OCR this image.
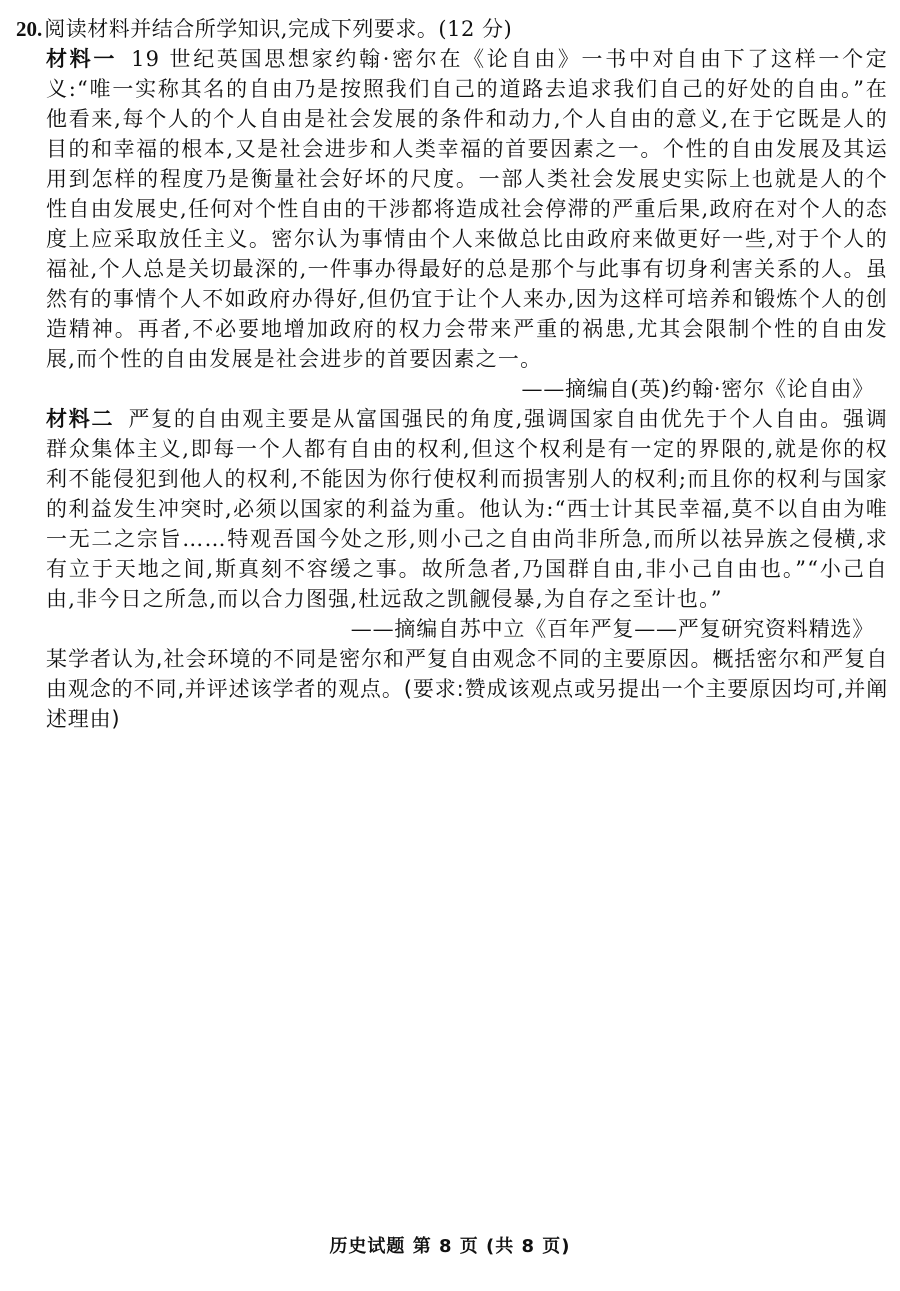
20. 阅读材料并结合所学知识,完成下列要求。(12 分)
材料一 19 世纪英国思想家约翰·密尔在《论自由》一书中对自由下了这样一个定义:“唯一实称其名的自由乃是按照我们自己的道路去追求我们自己的好处的自由。”在他看来,每个人的个人自由是社会发展的条件和动力,个人自由的意义,在于它既是人的目的和幸福的根本,又是社会进步和人类幸福的首要因素之一。个性的自由发展及其运用到怎样的程度乃是衡量社会好坏的尺度。一部人类社会发展史实际上也就是人的个性自由发展史,任何对个性自由的干涉都将造成社会停滞的严重后果,政府在对个人的态度上应采取放任主义。密尔认为事情由个人来做总比由政府来做更好一些,对于个人的福祉,个人总是关切最深的,一件事办得最好的总是那个与此事有切身利害关系的人。虽然有的事情个人不如政府办得好,但仍宜于让个人来办,因为这样可培养和锻炼个人的创造精神。再者,不必要地增加政府的权力会带来严重的祸患,尤其会限制个性的自由发展,而个性的自由发展是社会进步的首要因素之一。
——摘编自(英)约翰·密尔《论自由》
材料二 严复的自由观主要是从富国强民的角度,强调国家自由优先于个人自由。强调群众集体主义,即每一个人都有自由的权利,但这个权利是有一定的界限的,就是你的权利不能侵犯到他人的权利,不能因为你行使权利而损害别人的权利;而且你的权利与国家的利益发生冲突时,必须以国家的利益为重。他认为:“西士计其民幸福,莫不以自由为唯一无二之宗旨……特观吾国今处之形,则小己之自由尚非所急,而所以祛异族之侵横,求有立于天地之间,斯真刻不容缓之事。故所急者,乃国群自由,非小己自由也。”“小己自由,非今日之所急,而以合力图强,杜远敌之凯觎侵暴,为自存之至计也。”
——摘编自苏中立《百年严复——严复研究资料精选》
某学者认为,社会环境的不同是密尔和严复自由观念不同的主要原因。概括密尔和严复自由观念的不同,并评述该学者的观点。(要求:赞成该观点或另提出一个主要原因均可,并阐述理由)
历史试题 第 8 页 (共 8 页)
